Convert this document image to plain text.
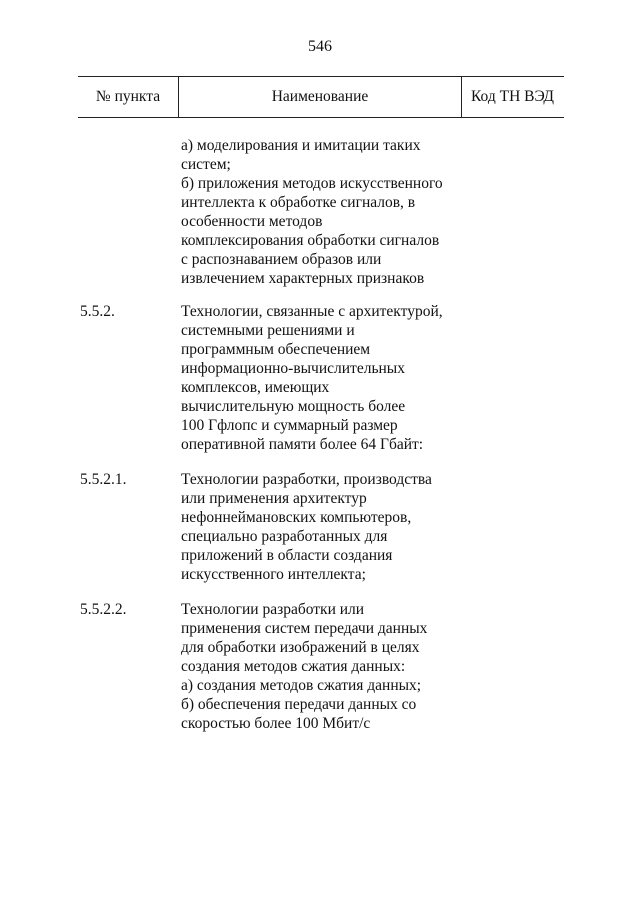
546
№ пункта	Наименование	Код ТН ВЭД
а) моделирования и имитации таких
систем;
б) приложения методов искусственного
интеллекта к обработке сигналов, в
особенности методов
комплексирования обработки сигналов
с распознаванием образов или
извлечением характерных признаков
5.5.2.	Технологии, связанные с архитектурой,
системными решениями и
программным обеспечением
информационно-вычислительных
комплексов, имеющих
вычислительную мощность более
100 Гфлопс и суммарный размер
оперативной памяти более 64 Гбайт:
5.5.2.1.	Технологии разработки, производства
или применения архитектур
нефоннеймановских компьютеров,
специально разработанных для
приложений в области создания
искусственного интеллекта;
5.5.2.2.	Технологии разработки или
применения систем передачи данных
для обработки изображений в целях
создания методов сжатия данных:
а) создания методов сжатия данных;
б) обеспечения передачи данных со
скоростью более 100 Мбит/с
